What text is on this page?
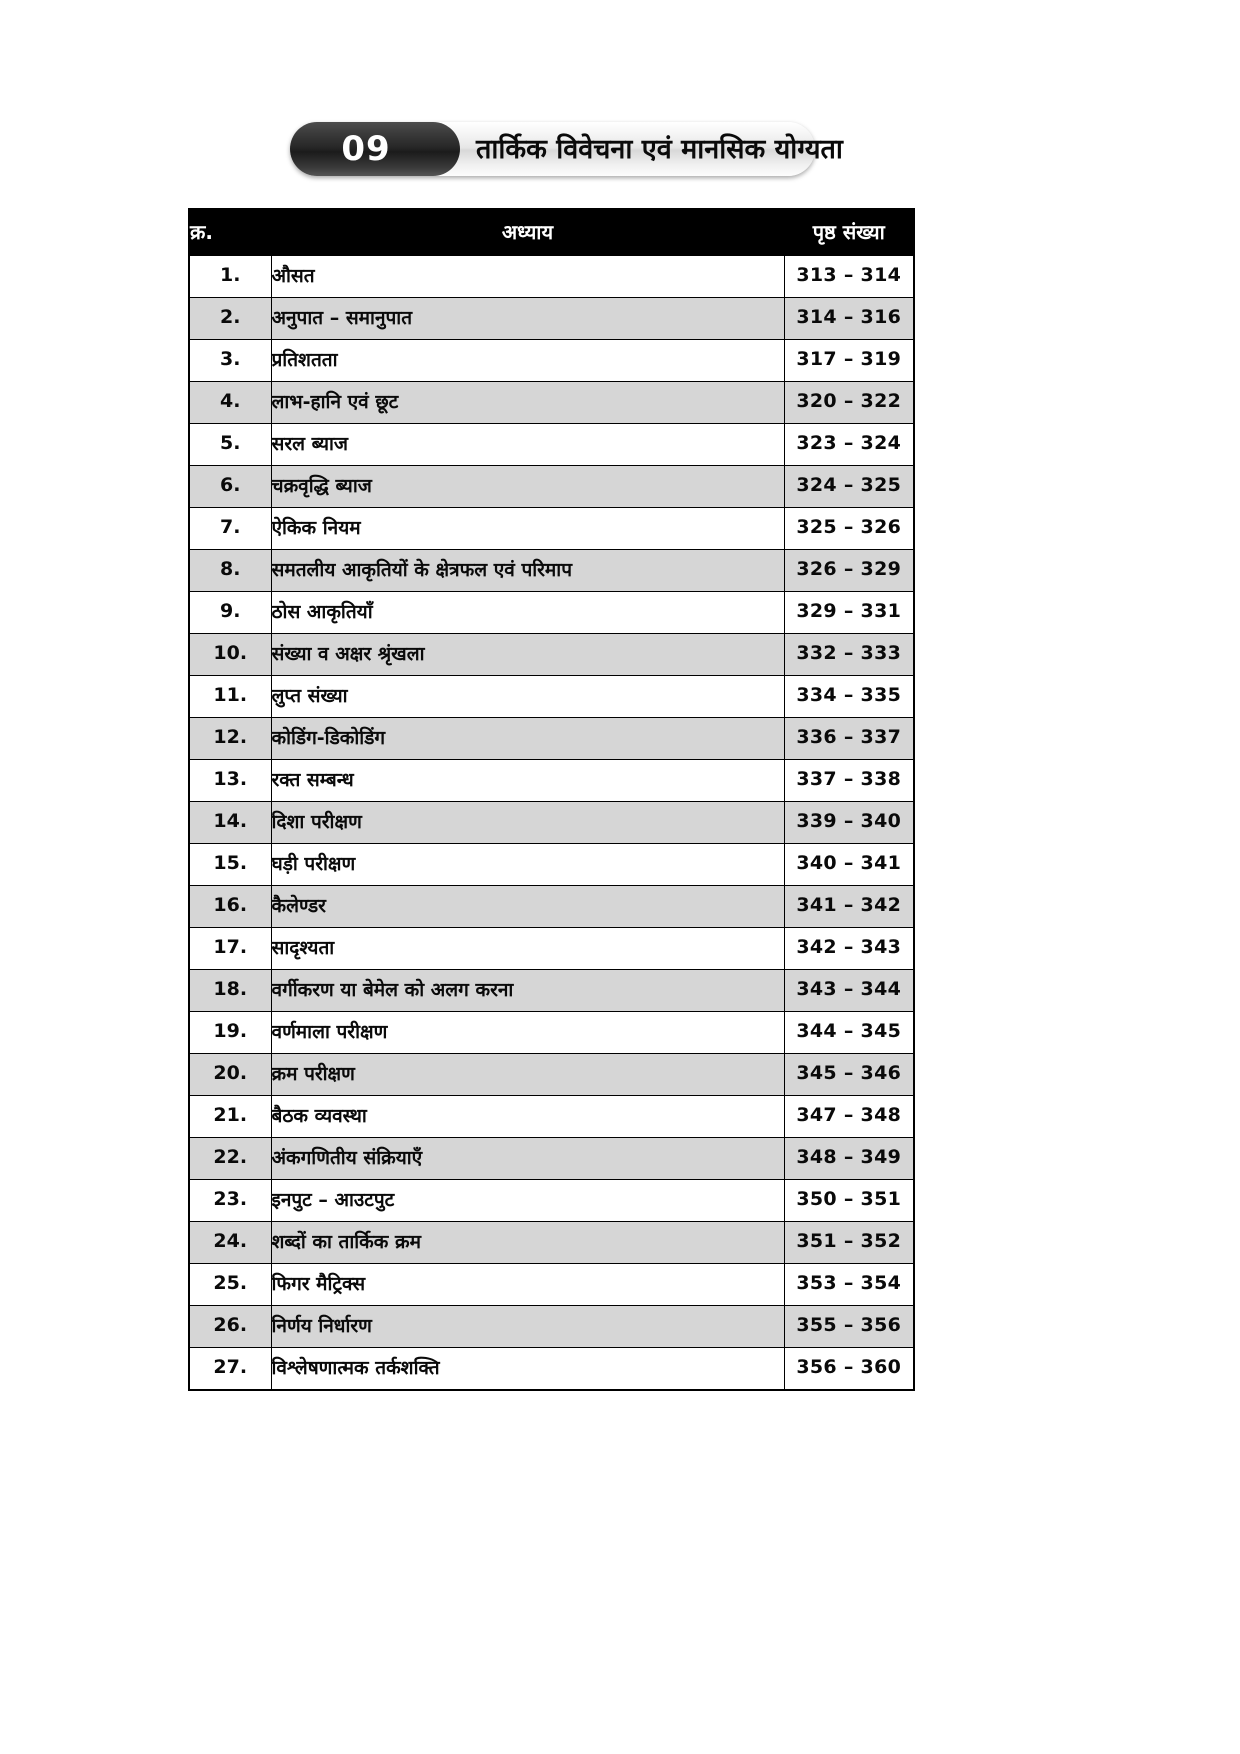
09	तार्किक विवेचना एवं मानसिक योग्यता
क्र.	अध्याय	पृष्ठ संख्या
1.	औसत	313 – 314
2.	अनुपात – समानुपात	314 – 316
3.	प्रतिशतता	317 – 319
4.	लाभ-हानि एवं छूट	320 – 322
5.	सरल ब्याज	323 – 324
6.	चक्रवृद्धि ब्याज	324 – 325
7.	ऐकिक नियम	325 – 326
8.	समतलीय आकृतियों के क्षेत्रफल एवं परिमाप	326 – 329
9.	ठोस आकृतियाँ	329 – 331
10.	संख्या व अक्षर श्रृंखला	332 – 333
11.	लुप्त संख्या	334 – 335
12.	कोडिंग-डिकोडिंग	336 – 337
13.	रक्त सम्बन्ध	337 – 338
14.	दिशा परीक्षण	339 – 340
15.	घड़ी परीक्षण	340 – 341
16.	कैलेण्डर	341 – 342
17.	सादृश्यता	342 – 343
18.	वर्गीकरण या बेमेल को अलग करना	343 – 344
19.	वर्णमाला परीक्षण	344 – 345
20.	क्रम परीक्षण	345 – 346
21.	बैठक व्यवस्था	347 – 348
22.	अंकगणितीय संक्रियाएँ	348 – 349
23.	इनपुट – आउटपुट	350 – 351
24.	शब्दों का तार्किक क्रम	351 – 352
25.	फिगर मैट्रिक्स	353 – 354
26.	निर्णय निर्धारण	355 – 356
27.	विश्लेषणात्मक तर्कशक्ति	356 – 360
